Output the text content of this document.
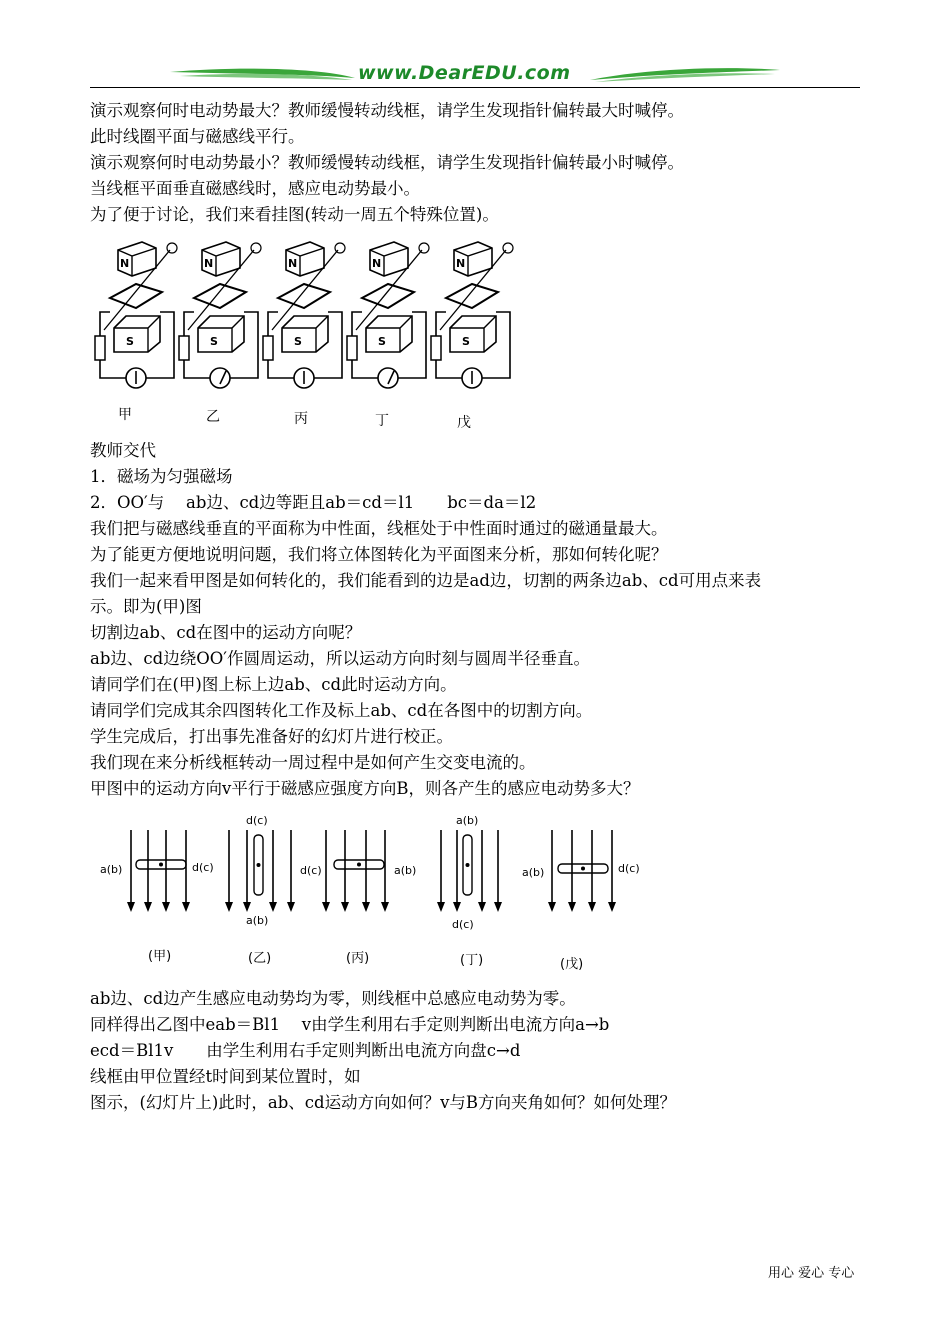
www.DearEDU.com
演示观察何时电动势最大？教师缓慢转动线框，请学生发现指针偏转最大时喊停。
此时线圈平面与磁感线平行。
演示观察何时电动势最小？教师缓慢转动线框，请学生发现指针偏转最小时喊停。
当线框平面垂直磁感线时，感应电动势最小。
为了便于讨论，我们来看挂图(转动一周五个特殊位置)。
N
S
N
S
N
S
N
S
N
S
甲	乙	丙	丁	戊
教师交代
1．磁场为匀强磁场
2．OO′与　 ab边、cd边等距且ab＝cd＝l1　　bc＝da＝l2
我们把与磁感线垂直的平面称为中性面，线框处于中性面时通过的磁通量最大。
为了能更方便地说明问题，我们将立体图转化为平面图来分析，那如何转化呢？
我们一起来看甲图是如何转化的，我们能看到的边是ad边，切割的两条边ab、cd可用点来表
示。即为(甲)图
切割边ab、cd在图中的运动方向呢？
ab边、cd边绕OO′作圆周运动，所以运动方向时刻与圆周半径垂直。
请同学们在(甲)图上标上边ab、cd此时运动方向。
请同学们完成其余四图转化工作及标上ab、cd在各图中的切割方向。
学生完成后，打出事先准备好的幻灯片进行校正。
我们现在来分析线框转动一周过程中是如何产生交变电流的。
甲图中的运动方向v平行于磁感应强度方向B，则各产生的感应电动势多大？
a(b)	d(c)
d(c)
a(b)
d(c)	a(b)
a(b)
d(c)
a(b)	d(c)
(甲)	(乙)	(丙)	(丁)	(戊)
ab边、cd边产生感应电动势均为零，则线框中总感应电动势为零。
同样得出乙图中eab＝Bl1　 v由学生利用右手定则判断出电流方向a→b
ecd＝Bl1v　　由学生利用右手定则判断出电流方向盘c→d
线框由甲位置经t时间到某位置时，如
图示，(幻灯片上)此时，ab、cd运动方向如何？v与B方向夹角如何？如何处理？
用心 爱心 专心
